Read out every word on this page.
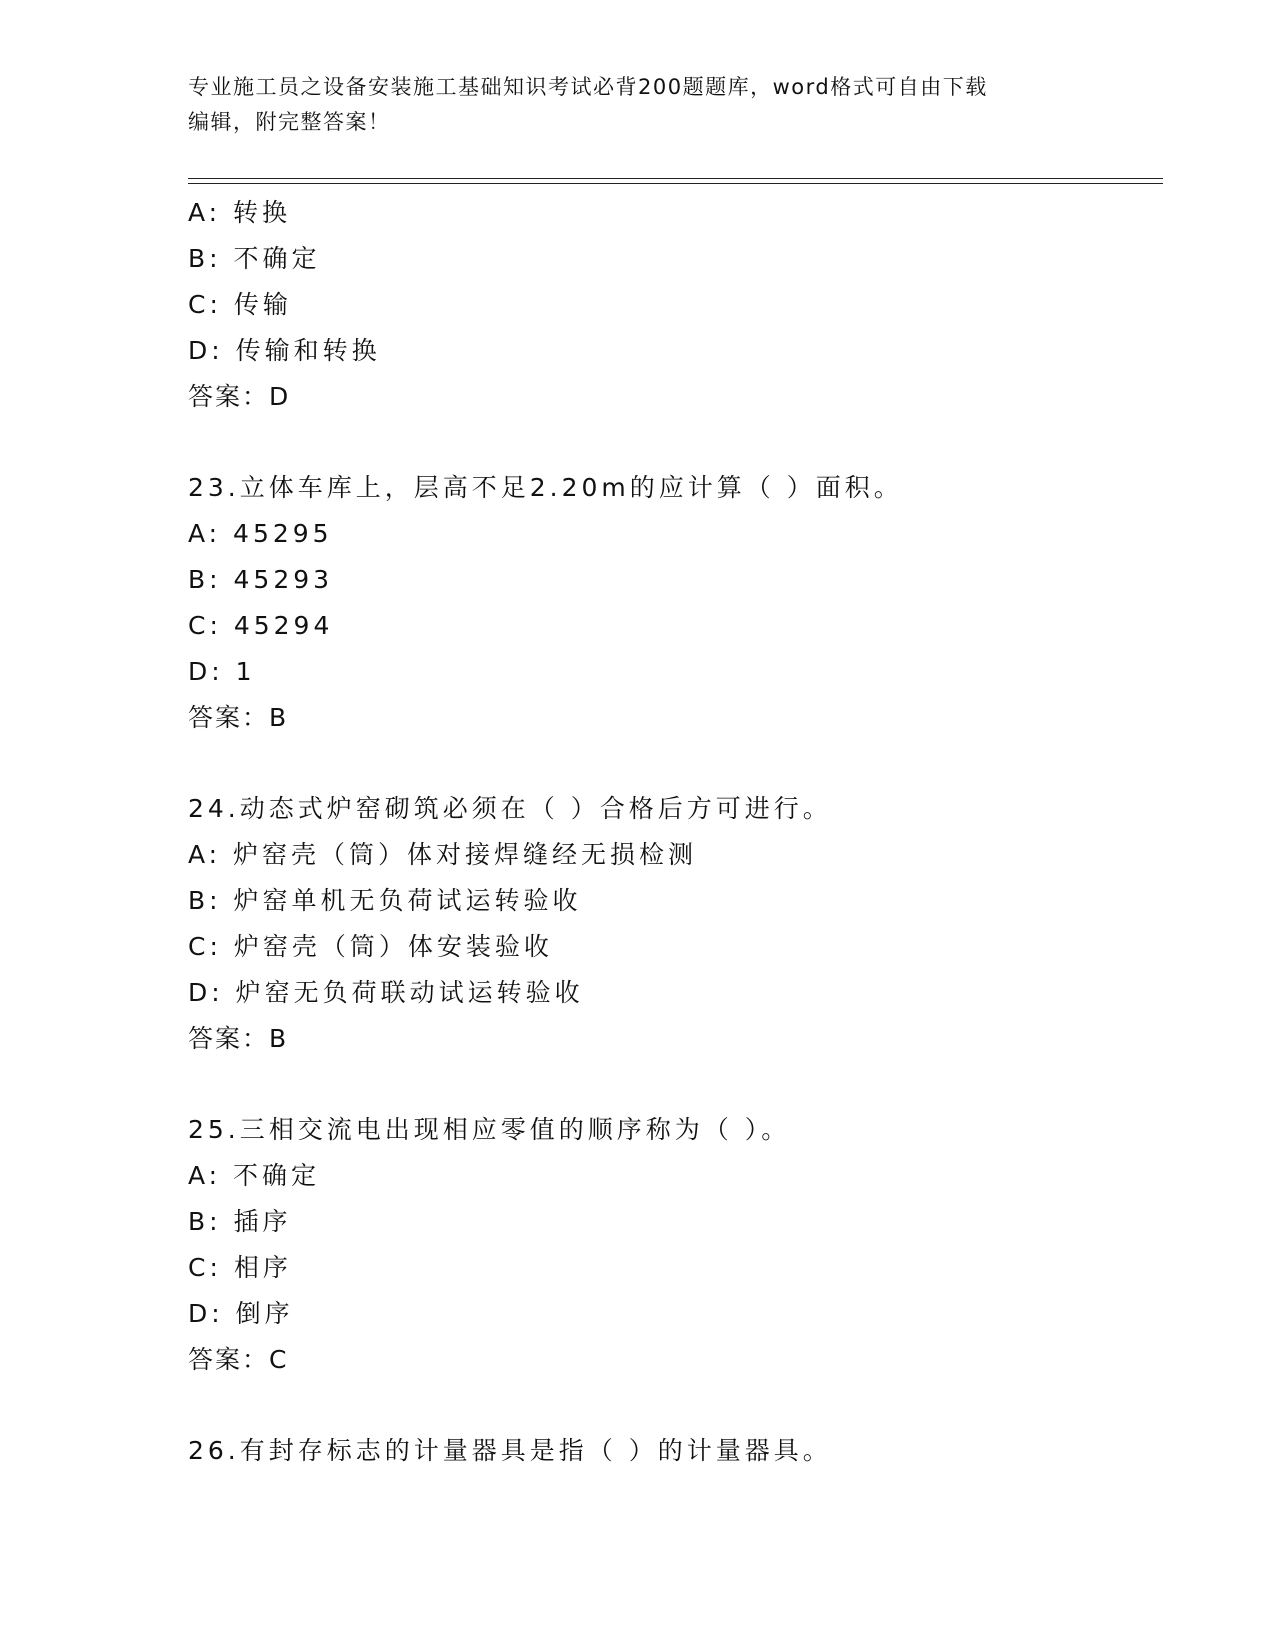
专业施工员之设备安装施工基础知识考试必背200题题库，word格式可自由下载
编辑，附完整答案！
A: 转换
B: 不确定
C: 传输
D: 传输和转换
答案：D
23.立体车库上，层高不足2.20m的应计算（ ）面积。
A: 45295
B: 45293
C: 45294
D: 1
答案：B
24.动态式炉窑砌筑必须在（ ）合格后方可进行。
A: 炉窑壳（筒）体对接焊缝经无损检测
B: 炉窑单机无负荷试运转验收
C: 炉窑壳（筒）体安装验收
D: 炉窑无负荷联动试运转验收
答案：B
25.三相交流电出现相应零值的顺序称为（ ）。
A: 不确定
B: 插序
C: 相序
D: 倒序
答案：C
26.有封存标志的计量器具是指（ ）的计量器具。
